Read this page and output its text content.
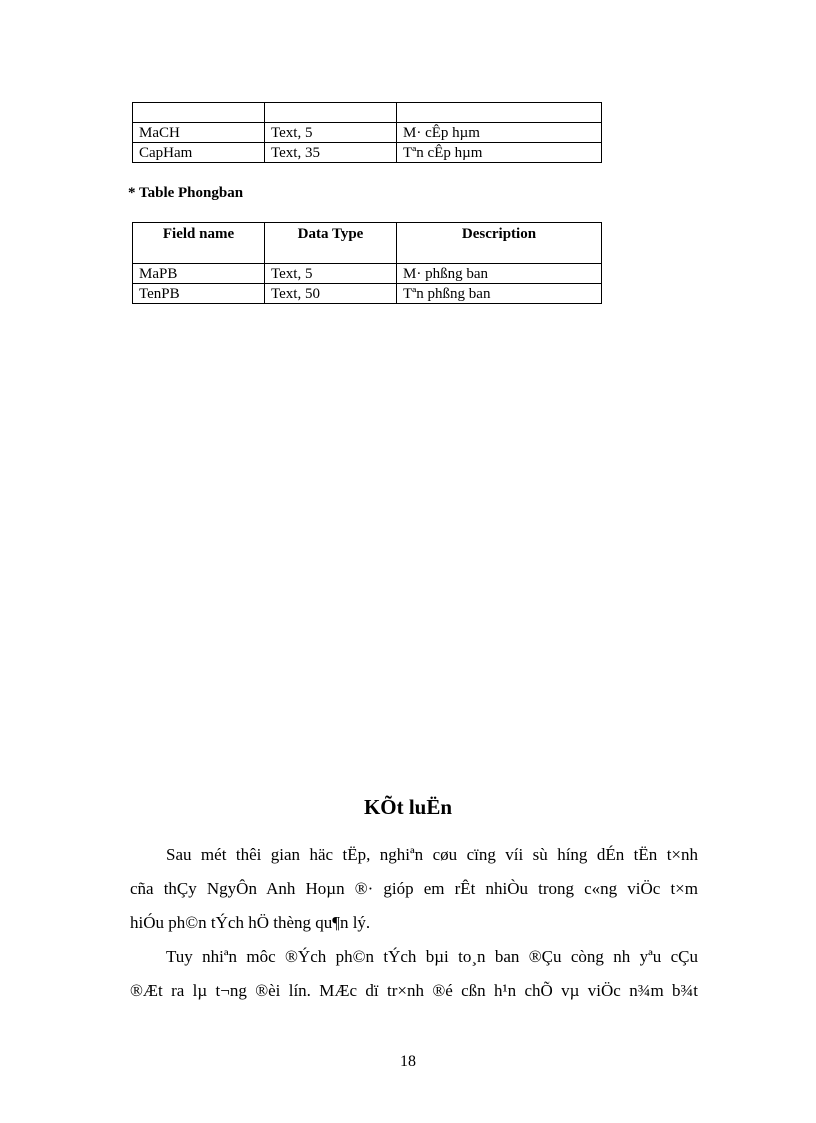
MaCH	Text, 5	M· cÊp hµm
CapHam	Text, 35	Tªn cÊp hµm
* Table Phongban
Field name	Data Type	Description
MaPB	Text, 5	M· phßng ban
TenPB	Text, 50	Tªn phßng ban
KÕt luËn
Sau mét thêi gian häc tËp, nghiªn cøu cïng víi sù híng dÉn tËn t×nh
cña thÇy NgyÔn Anh Hoµn ®· gióp em rÊt nhiÒu trong c«ng viÖc t×m
hiÓu ph©n tÝch hÖ thèng qu¶n lý.
Tuy nhiªn môc ®Ých ph©n tÝch bµi to¸n ban ®Çu còng nh yªu cÇu
®Æt ra lµ t¬ng ®èi lín. MÆc dï tr×nh ®é cßn h¹n chÕ vµ viÖc n¾m b¾t
18
